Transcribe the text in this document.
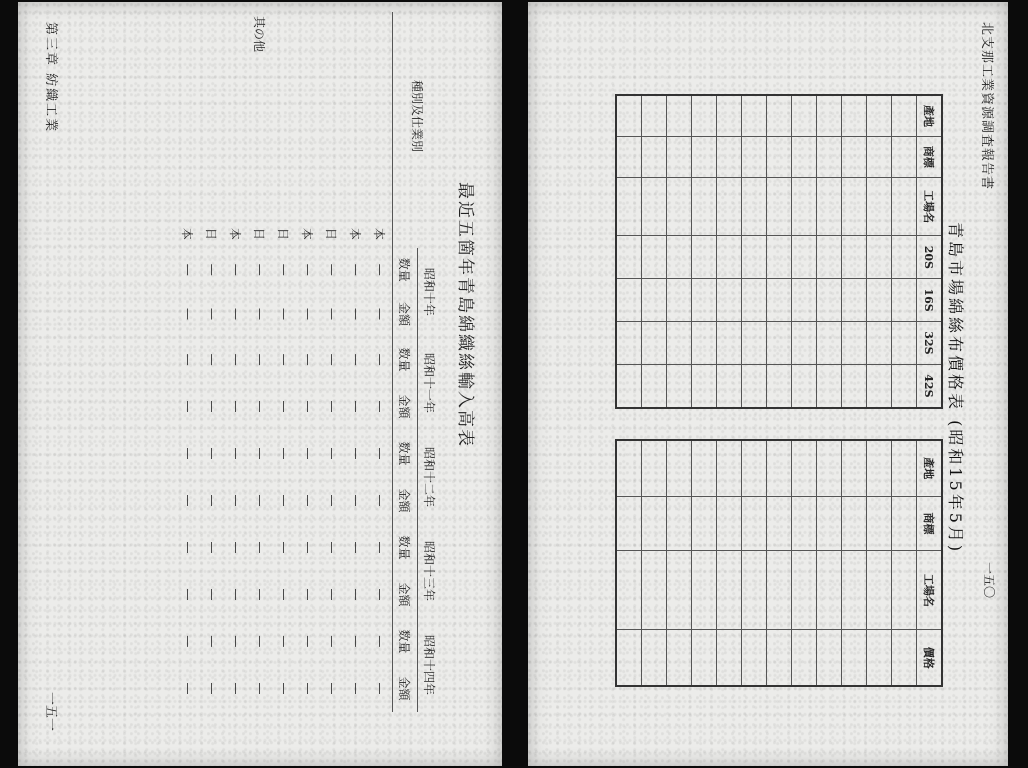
最近五箇年青島綿織絲輸入高表
種別及仕業別		昭和十年		昭和十一年		昭和十二年		昭和十三年		昭和十四年	
		数量	金額	数量	金額	数量	金額	数量	金額	数量	金額
	本	—	—	—	—	—	—	—	—	—	—
	本	—	—	—	—	—	—	—	—	—	—
	日	—	—	—	—	—	—	—	—	—	—
	本	—	—	—	—	—	—	—	—	—	—
	日	—	—	—	—	—	—	—	—	—	—
其の他	日	—	—	—	—	—	—	—	—	—	—
	本	—	—	—	—	—	—	—	—	—	—
	日	—	—	—	—	—	—	—	—	—	—
	本	—	—	—	—	—	—	—	—	—	—
第三章 紡織工業
一五一
北支那工業資源調査報告書
一五〇
青島市場綿絲布價格表 (昭和15年5月)
產地	商標	工場名	20S	16S	32S	42S

產地	商標	工場名	價格
